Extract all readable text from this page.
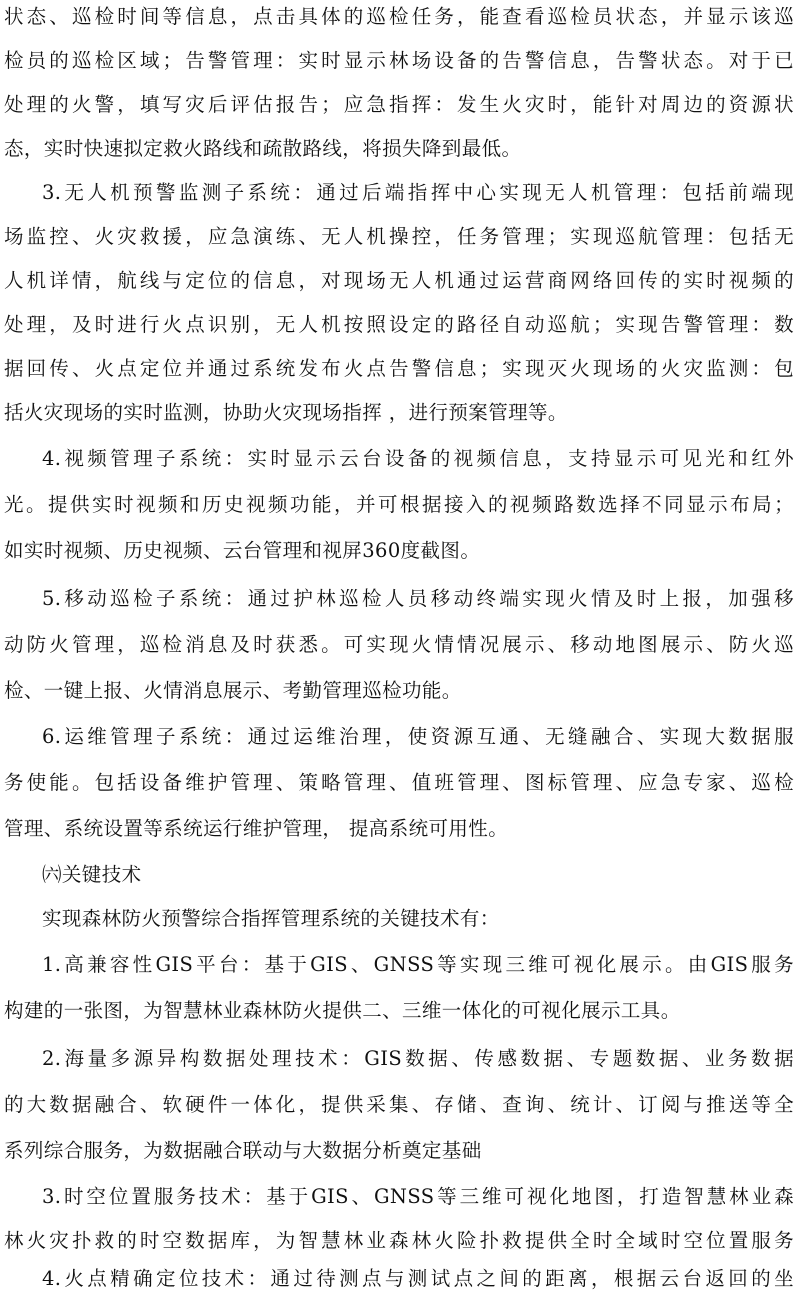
状态、巡检时间等信息，点击具体的巡检任务，能查看巡检员状态，并显示该巡
检员的巡检区域；告警管理：实时显示林场设备的告警信息，告警状态。对于已
处理的火警，填写灾后评估报告；应急指挥：发生火灾时，能针对周边的资源状
态，实时快速拟定救火路线和疏散路线，将损失降到最低。
3.无人机预警监测子系统：通过后端指挥中心实现无人机管理：包括前端现
场监控、火灾救援，应急演练、无人机操控，任务管理；实现巡航管理：包括无
人机详情，航线与定位的信息，对现场无人机通过运营商网络回传的实时视频的
处理，及时进行火点识别，无人机按照设定的路径自动巡航；实现告警管理：数
据回传、火点定位并通过系统发布火点告警信息；实现灭火现场的火灾监测：包
括火灾现场的实时监测，协助火灾现场指挥 ，进行预案管理等。
4.视频管理子系统：实时显示云台设备的视频信息，支持显示可见光和红外
光。提供实时视频和历史视频功能，并可根据接入的视频路数选择不同显示布局；
如实时视频、历史视频、云台管理和视屏360度截图。
5.移动巡检子系统：通过护林巡检人员移动终端实现火情及时上报，加强移
动防火管理，巡检消息及时获悉。可实现火情情况展示、移动地图展示、防火巡
检、一键上报、火情消息展示、考勤管理巡检功能。
6.运维管理子系统：通过运维治理，使资源互通、无缝融合、实现大数据服
务使能。包括设备维护管理、策略管理、值班管理、图标管理、应急专家、巡检
管理、系统设置等系统运行维护管理， 提高系统可用性。
㈥关键技术
实现森林防火预警综合指挥管理系统的关键技术有：
1.高兼容性GIS平台：基于GIS、GNSS等实现三维可视化展示。由GIS服务
构建的一张图，为智慧林业森林防火提供二、三维一体化的可视化展示工具。
2.海量多源异构数据处理技术：GIS数据、传感数据、专题数据、业务数据
的大数据融合、软硬件一体化，提供采集、存储、查询、统计、订阅与推送等全
系列综合服务，为数据融合联动与大数据分析奠定基础
3.时空位置服务技术：基于GIS、GNSS等三维可视化地图，打造智慧林业森
林火灾扑救的时空数据库，为智慧林业森林火险扑救提供全时全域时空位置服务
4.火点精确定位技术：通过待测点与测试点之间的距离，根据云台返回的坐
